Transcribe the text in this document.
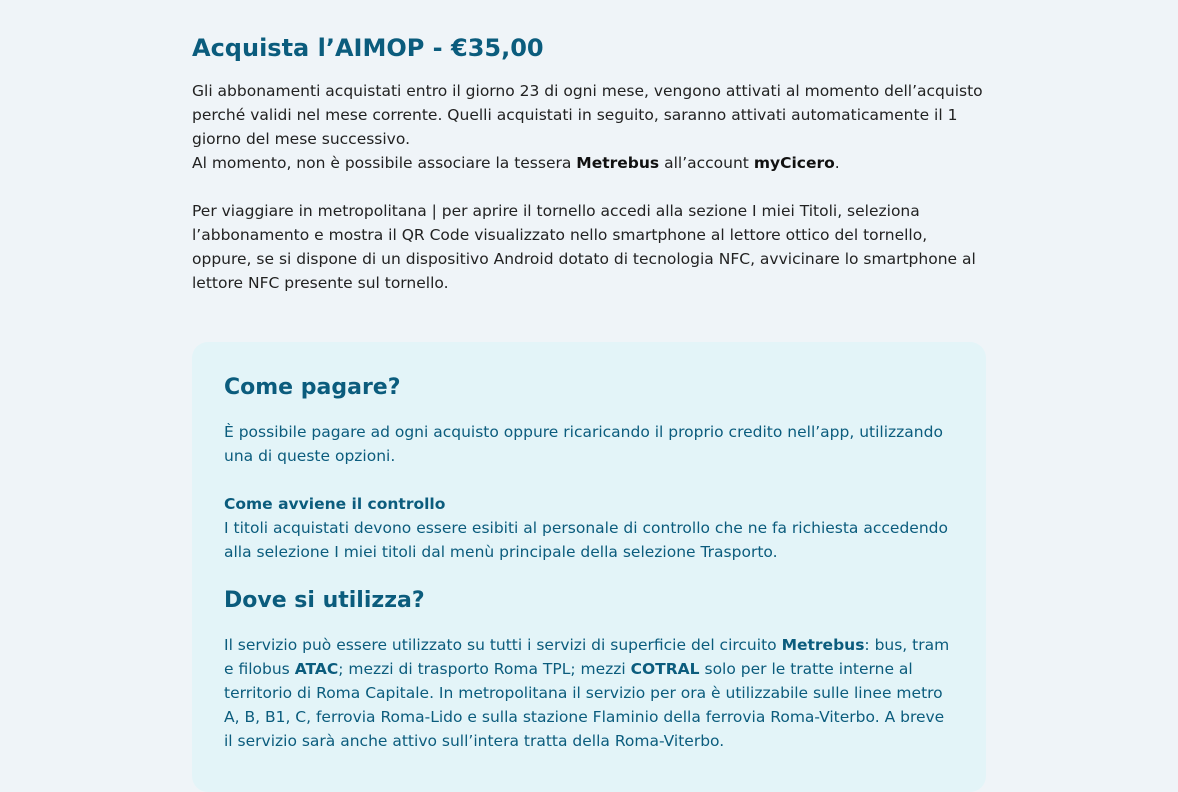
Acquista l’AIMOP - €35,00

Gli abbonamenti acquistati entro il giorno 23 di ogni mese, vengono attivati al momento dell’acquisto perché validi nel mese corrente. Quelli acquistati in seguito, saranno attivati automaticamente il 1 giorno del mese successivo.

Al momento, non è possibile associare la tessera Metrebus all’account myCicero.

Per viaggiare in metropolitana | per aprire il tornello accedi alla sezione I miei Titoli, seleziona l’abbonamento e mostra il QR Code visualizzato nello smartphone al lettore ottico del tornello, oppure, se si dispone di un dispositivo Android dotato di tecnologia NFC, avvicinare lo smartphone al lettore NFC presente sul tornello.

Come pagare?

È possibile pagare ad ogni acquisto oppure ricaricando il proprio credito nell’app, utilizzando una di queste opzioni.

Come avviene il controllo

I titoli acquistati devono essere esibiti al personale di controllo che ne fa richiesta accedendo alla selezione I miei titoli dal menù principale della selezione Trasporto.

Dove si utilizza?

Il servizio può essere utilizzato su tutti i servizi di superficie del circuito Metrebus: bus, tram e filobus ATAC; mezzi di trasporto Roma TPL; mezzi COTRAL solo per le tratte interne al territorio di Roma Capitale. In metropolitana il servizio per ora è utilizzabile sulle linee metro A, B, B1, C, ferrovia Roma-Lido e sulla stazione Flaminio della ferrovia Roma-Viterbo. A breve il servizio sarà anche attivo sull’intera tratta della Roma-Viterbo.
